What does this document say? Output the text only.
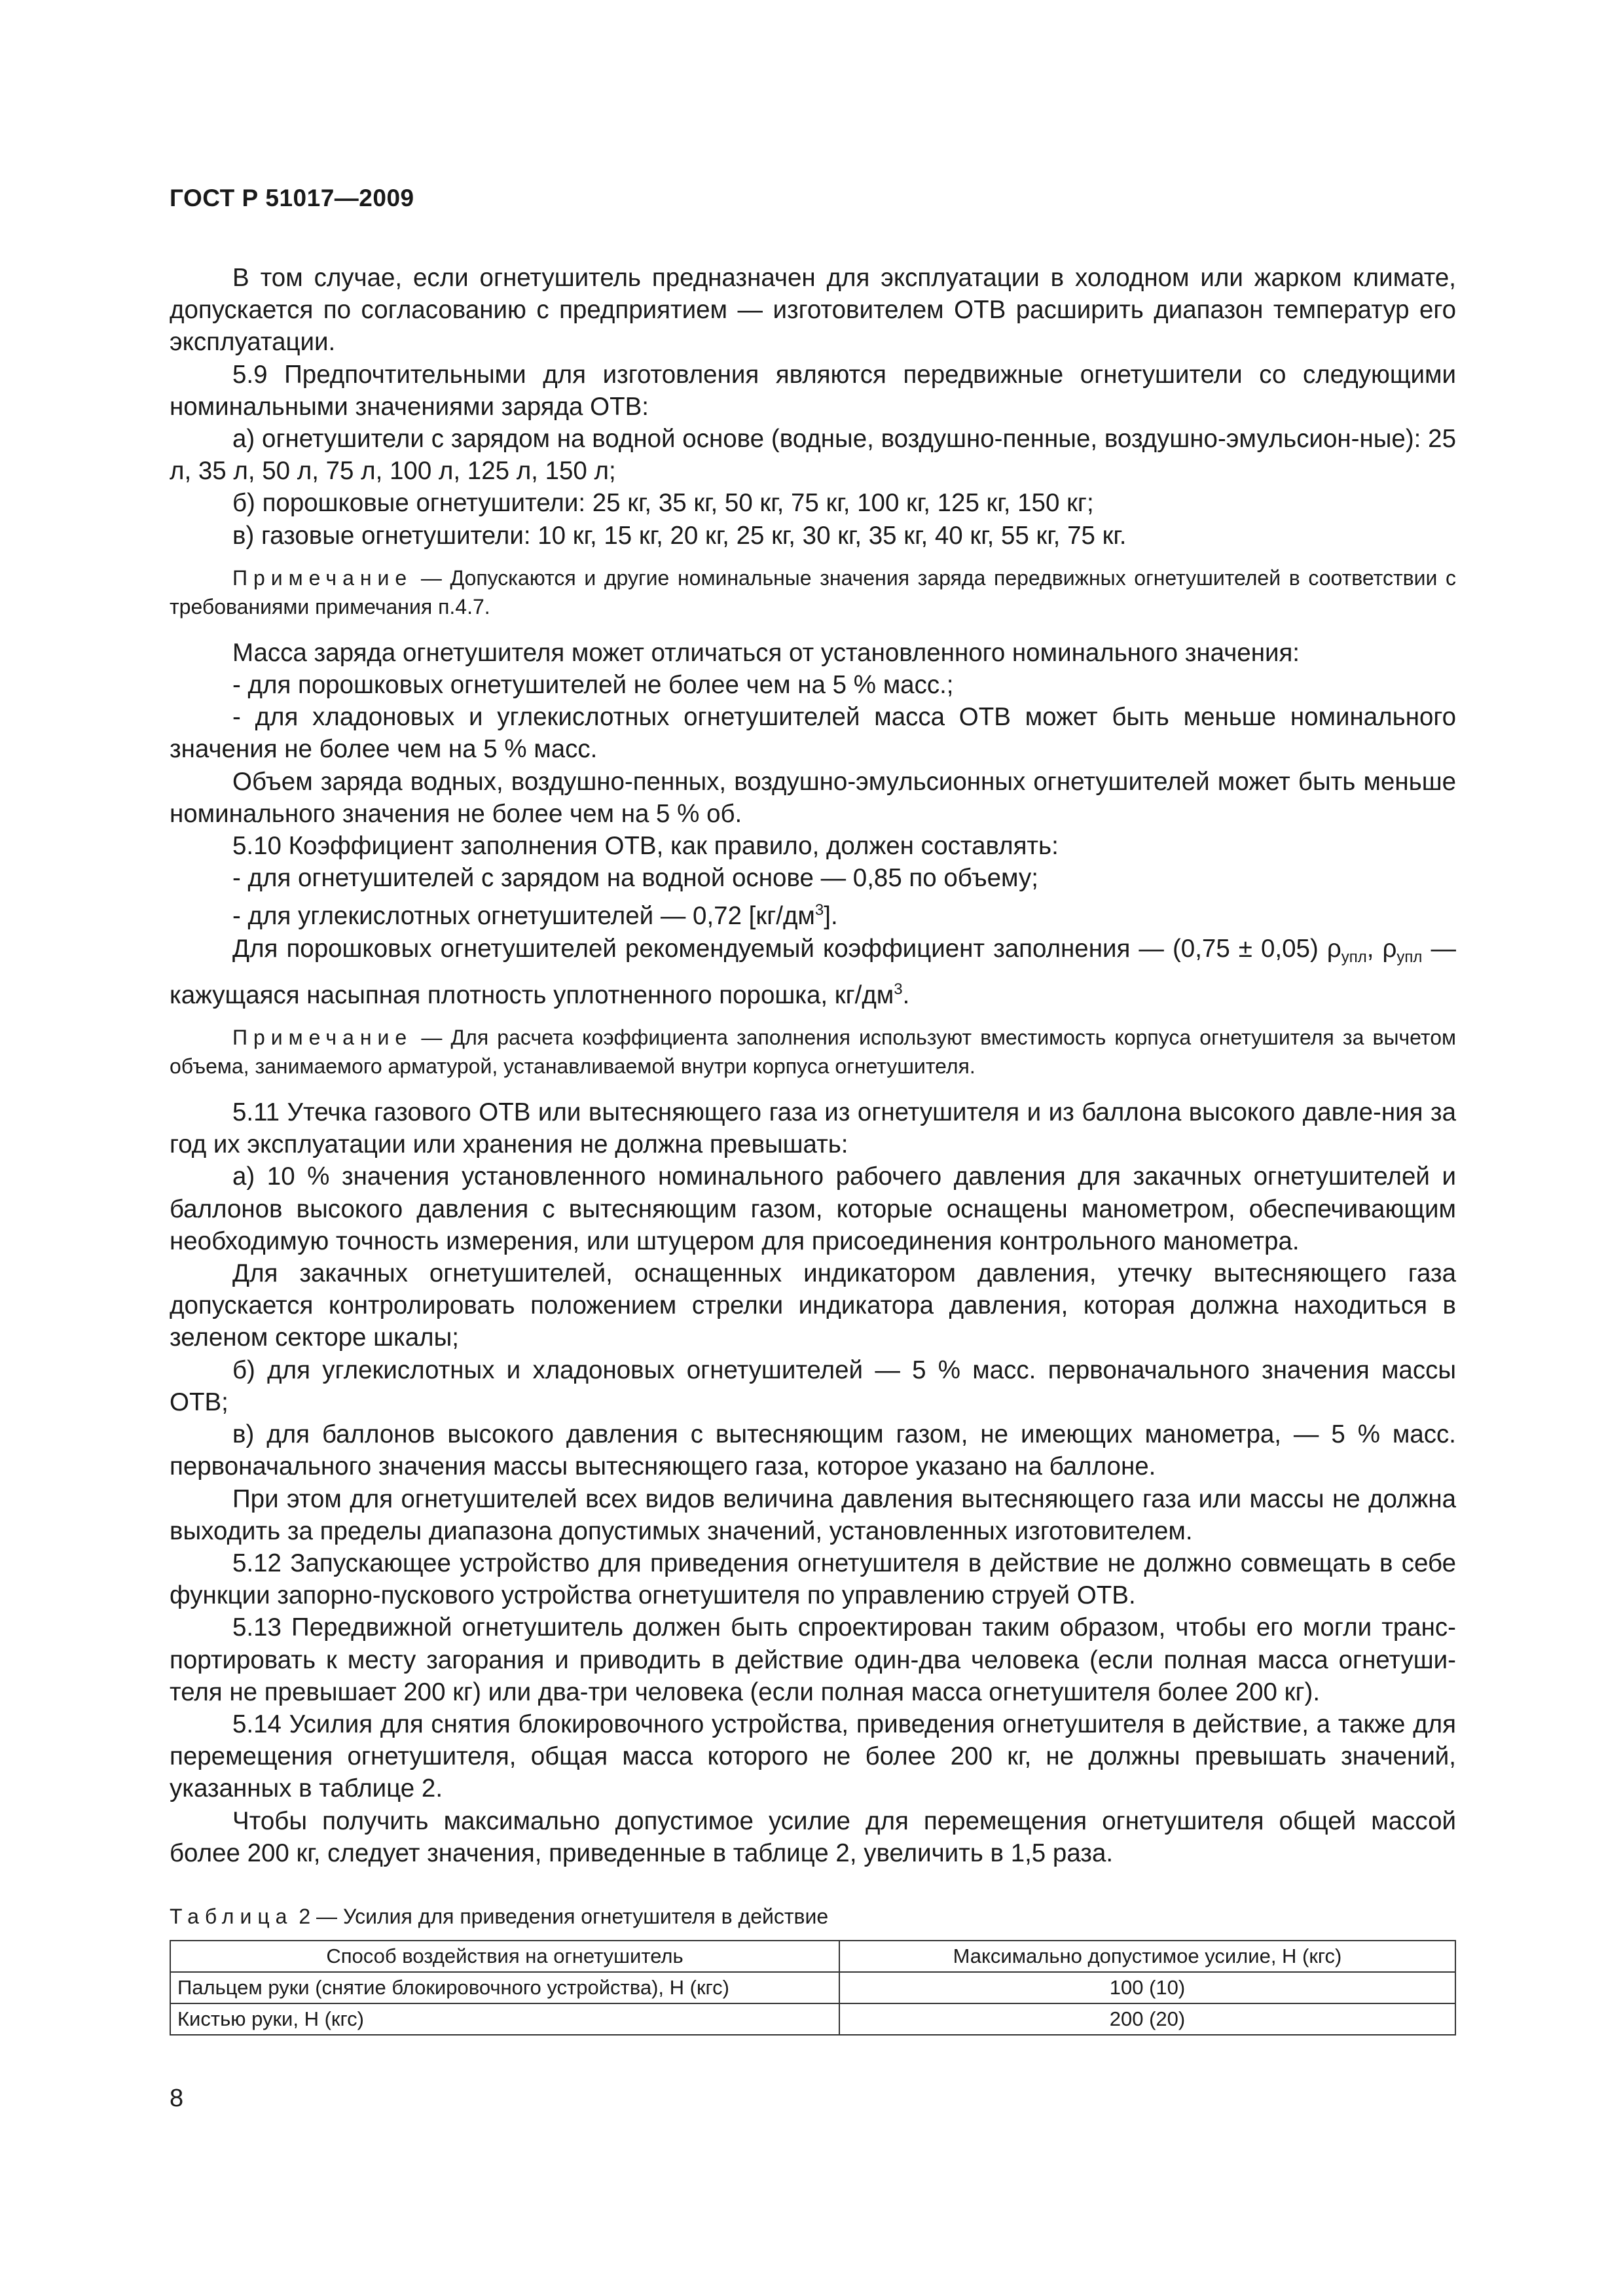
ГОСТ Р 51017—2009

В том случае, если огнетушитель предназначен для эксплуатации в холодном или жарком климате, допускается по согласованию с предприятием — изготовителем ОТВ расширить диапазон температур его эксплуатации.

5.9 Предпочтительными для изготовления являются передвижные огнетушители со следующими номинальными значениями заряда ОТВ:

а) огнетушители с зарядом на водной основе (водные, воздушно-пенные, воздушно-эмульсион-ные): 25 л, 35 л, 50 л, 75 л, 100 л, 125 л, 150 л;

б) порошковые огнетушители: 25 кг, 35 кг, 50 кг, 75 кг, 100 кг, 125 кг, 150 кг;

в) газовые огнетушители: 10 кг, 15 кг, 20 кг, 25 кг, 30 кг, 35 кг, 40 кг, 55 кг, 75 кг.

Примечание — Допускаются и другие номинальные значения заряда передвижных огнетушителей в соответствии с требованиями примечания п.4.7.

Масса заряда огнетушителя может отличаться от установленного номинального значения:

- для порошковых огнетушителей не более чем на 5 % масс.;

- для хладоновых и углекислотных огнетушителей масса ОТВ может быть меньше номинального значения не более чем на 5 % масс.

Объем заряда водных, воздушно-пенных, воздушно-эмульсионных огнетушителей может быть меньше номинального значения не более чем на 5 % об.

5.10 Коэффициент заполнения ОТВ, как правило, должен составлять:

- для огнетушителей с зарядом на водной основе — 0,85 по объему;

- для углекислотных огнетушителей — 0,72 $[кг/дм^3]$.

Для порошковых огнетушителей рекомендуемый коэффициент заполнения — (0,75 ± 0,05) $\rho_{упл}$, $\rho_{упл}$ — кажущаяся насыпная плотность уплотненного порошка, $кг/дм^3$.

Примечание — Для расчета коэффициента заполнения используют вместимость корпуса огнетушителя за вычетом объема, занимаемого арматурой, устанавливаемой внутри корпуса огнетушителя.

5.11 Утечка газового ОТВ или вытесняющего газа из огнетушителя и из баллона высокого давле-ния за год их эксплуатации или хранения не должна превышать:

а) 10 % значения установленного номинального рабочего давления для закачных огнетушителей и баллонов высокого давления с вытесняющим газом, которые оснащены манометром, обеспечивающим необходимую точность измерения, или штуцером для присоединения контрольного манометра.

Для закачных огнетушителей, оснащенных индикатором давления, утечку вытесняющего газа допускается контролировать положением стрелки индикатора давления, которая должна находиться в зеленом секторе шкалы;

б) для углекислотных и хладоновых огнетушителей — 5 % масс. первоначального значения массы ОТВ;

в) для баллонов высокого давления с вытесняющим газом, не имеющих манометра, — 5 % масс. первоначального значения массы вытесняющего газа, которое указано на баллоне.

При этом для огнетушителей всех видов величина давления вытесняющего газа или массы не должна выходить за пределы диапазона допустимых значений, установленных изготовителем.

5.12 Запускающее устройство для приведения огнетушителя в действие не должно совмещать в себе функции запорно-пускового устройства огнетушителя по управлению струей ОТВ.

5.13 Передвижной огнетушитель должен быть спроектирован таким образом, чтобы его могли транс-портировать к месту загорания и приводить в действие один-два человека (если полная масса огнетуши-теля не превышает 200 кг) или два-три человека (если полная масса огнетушителя более 200 кг).

5.14 Усилия для снятия блокировочного устройства, приведения огнетушителя в действие, а также для перемещения огнетушителя, общая масса которого не более 200 кг, не должны превышать значений, указанных в таблице 2.

Чтобы получить максимально допустимое усилие для перемещения огнетушителя общей массой более 200 кг, следует значения, приведенные в таблице 2, увеличить в 1,5 раза.

Таблица 2 — Усилия для приведения огнетушителя в действие
Способ воздействия на огнетушитель	Максимально допустимое усилие, Н (кгс)
Пальцем руки (снятие блокировочного устройства), Н (кгс)	100 (10)
Кистью руки, Н (кгс)	200 (20)
8
